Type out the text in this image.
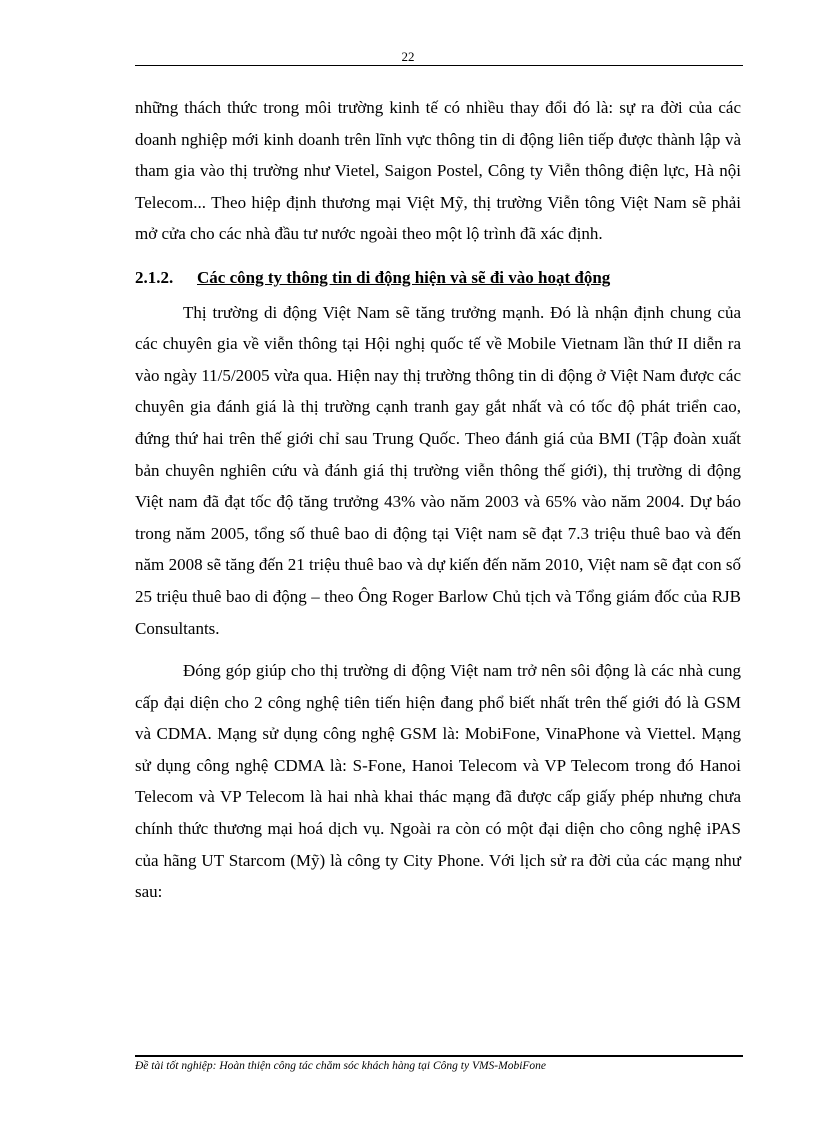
22

những thách thức trong môi trường kinh tế có nhiều thay đổi đó là: sự ra đời của các doanh nghiệp mới kinh doanh trên lĩnh vực thông tin di động liên tiếp được thành lập và tham gia vào thị trường như Vietel, Saigon Postel, Công ty Viễn thông điện lực, Hà nội Telecom... Theo hiệp định thương mại Việt Mỹ, thị trường Viễn tông Việt Nam sẽ phải mở cửa cho các nhà đầu tư nước ngoài theo một lộ trình đã xác định.

2.1.2. Các công ty thông tin di động hiện và sẽ đi vào hoạt động

Thị trường di động Việt Nam sẽ tăng trưởng mạnh. Đó là nhận định chung của các chuyên gia về viễn thông tại Hội nghị quốc tế về Mobile Vietnam lần thứ II diễn ra vào ngày 11/5/2005 vừa qua. Hiện nay thị trường thông tin di động ở Việt Nam được các chuyên gia đánh giá là thị trường cạnh tranh gay gắt nhất và có tốc độ phát triển cao, đứng thứ hai trên thế giới chỉ sau Trung Quốc. Theo đánh giá của BMI (Tập đoàn xuất bản chuyên nghiên cứu và đánh giá thị trường viễn thông thế giới), thị trường di động Việt nam đã đạt tốc độ tăng trưởng 43% vào năm 2003 và 65% vào năm 2004. Dự báo trong năm 2005, tổng số thuê bao di động tại Việt nam sẽ đạt 7.3 triệu thuê bao và đến năm 2008 sẽ tăng đến 21 triệu thuê bao và dự kiến đến năm 2010, Việt nam sẽ đạt con số 25 triệu thuê bao di động – theo Ông Roger Barlow Chủ tịch và Tổng giám đốc của RJB Consultants.

Đóng góp giúp cho thị trường di động Việt nam trở nên sôi động là các nhà cung cấp đại diện cho 2 công nghệ tiên tiến hiện đang phổ biết nhất trên thế giới đó là GSM và CDMA. Mạng sử dụng công nghệ GSM là: MobiFone, VinaPhone và Viettel. Mạng sử dụng công nghệ CDMA là: S-Fone, Hanoi Telecom và VP Telecom trong đó Hanoi Telecom và VP Telecom là hai nhà khai thác mạng đã được cấp giấy phép nhưng chưa chính thức thương mại hoá dịch vụ. Ngoài ra còn có một đại diện cho công nghệ iPAS của hãng UT Starcom (Mỹ) là công ty City Phone. Với lịch sử ra đời của các mạng như sau:

Đề tài tốt nghiệp: Hoàn thiện công tác chăm sóc khách hàng tại Công ty VMS-MobiFone
